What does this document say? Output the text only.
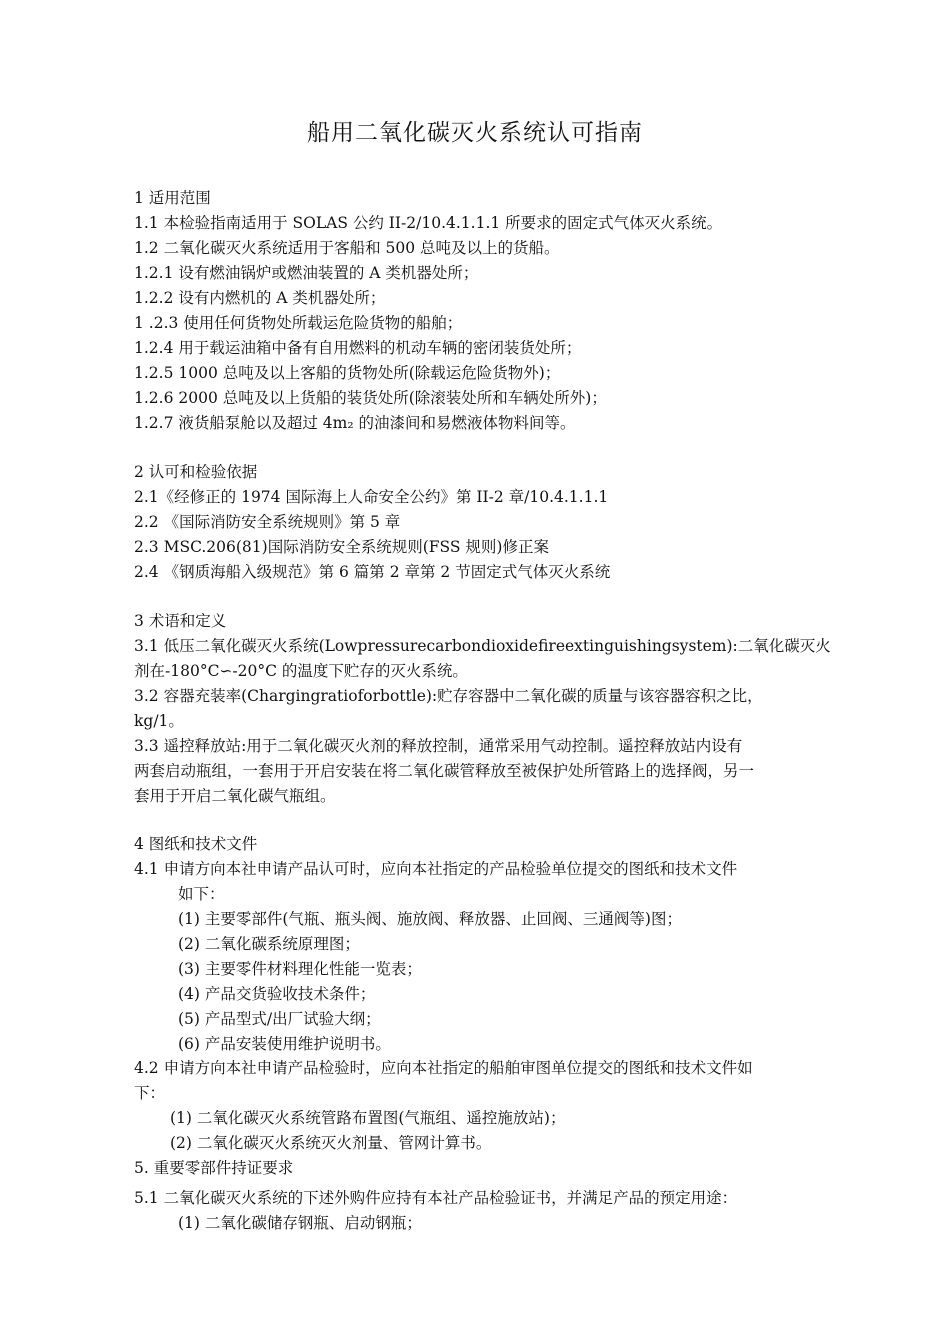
船用二氧化碳灭火系统认可指南
1 适用范围
1.1 本检验指南适用于 SOLAS 公约 II-2/10.4.1.1.1 所要求的固定式气体灭火系统。
1.2 二氧化碳灭火系统适用于客船和 500 总吨及以上的货船。
1.2.1 设有燃油锅炉或燃油装置的 A 类机器处所；
1.2.2 设有内燃机的 A 类机器处所；
1 .2.3 使用任何货物处所载运危险货物的船舶；
1.2.4 用于载运油箱中备有自用燃料的机动车辆的密闭装货处所；
1.2.5 1000 总吨及以上客船的货物处所(除载运危险货物外)；
1.2.6 2000 总吨及以上货船的装货处所(除滚装处所和车辆处所外)；
1.2.7 液货船泵舱以及超过 4m₂ 的油漆间和易燃液体物料间等。
2 认可和检验依据
2.1《经修正的 1974 国际海上人命安全公约》第 II-2 章/10.4.1.1.1
2.2 《国际消防安全系统规则》第 5 章
2.3 MSC.206(81)国际消防安全系统规则(FSS 规则)修正案
2.4 《钢质海船入级规范》第 6 篇第 2 章第 2 节固定式气体灭火系统
3 术语和定义
3.1 低压二氧化碳灭火系统(Lowpressurecarbondioxidefireextinguishingsystem):二氧化碳灭火
剂在-180°C∽-20°C 的温度下贮存的灭火系统。
3.2 容器充装率(Chargingratioforbottle):贮存容器中二氧化碳的质量与该容器容积之比，
kg/1。
3.3 遥控释放站:用于二氧化碳灭火剂的释放控制，通常采用气动控制。遥控释放站内设有
两套启动瓶组，一套用于开启安装在将二氧化碳管释放至被保护处所管路上的选择阀，另一
套用于开启二氧化碳气瓶组。
4 图纸和技术文件
4.1 申请方向本社申请产品认可时，应向本社指定的产品检验单位提交的图纸和技术文件
如下：
(1) 主要零部件(气瓶、瓶头阀、施放阀、释放器、止回阀、三通阀等)图；
(2) 二氧化碳系统原理图；
(3) 主要零件材料理化性能一览表；
(4) 产品交货验收技术条件；
(5) 产品型式/出厂试验大纲；
(6) 产品安装使用维护说明书。
4.2 申请方向本社申请产品检验时，应向本社指定的船舶审图单位提交的图纸和技术文件如
下：
(1) 二氧化碳灭火系统管路布置图(气瓶组、遥控施放站)；
(2) 二氧化碳灭火系统灭火剂量、管网计算书。
5. 重要零部件持证要求
5.1 二氧化碳灭火系统的下述外购件应持有本社产品检验证书，并满足产品的预定用途：
(1) 二氧化碳储存钢瓶、启动钢瓶；
